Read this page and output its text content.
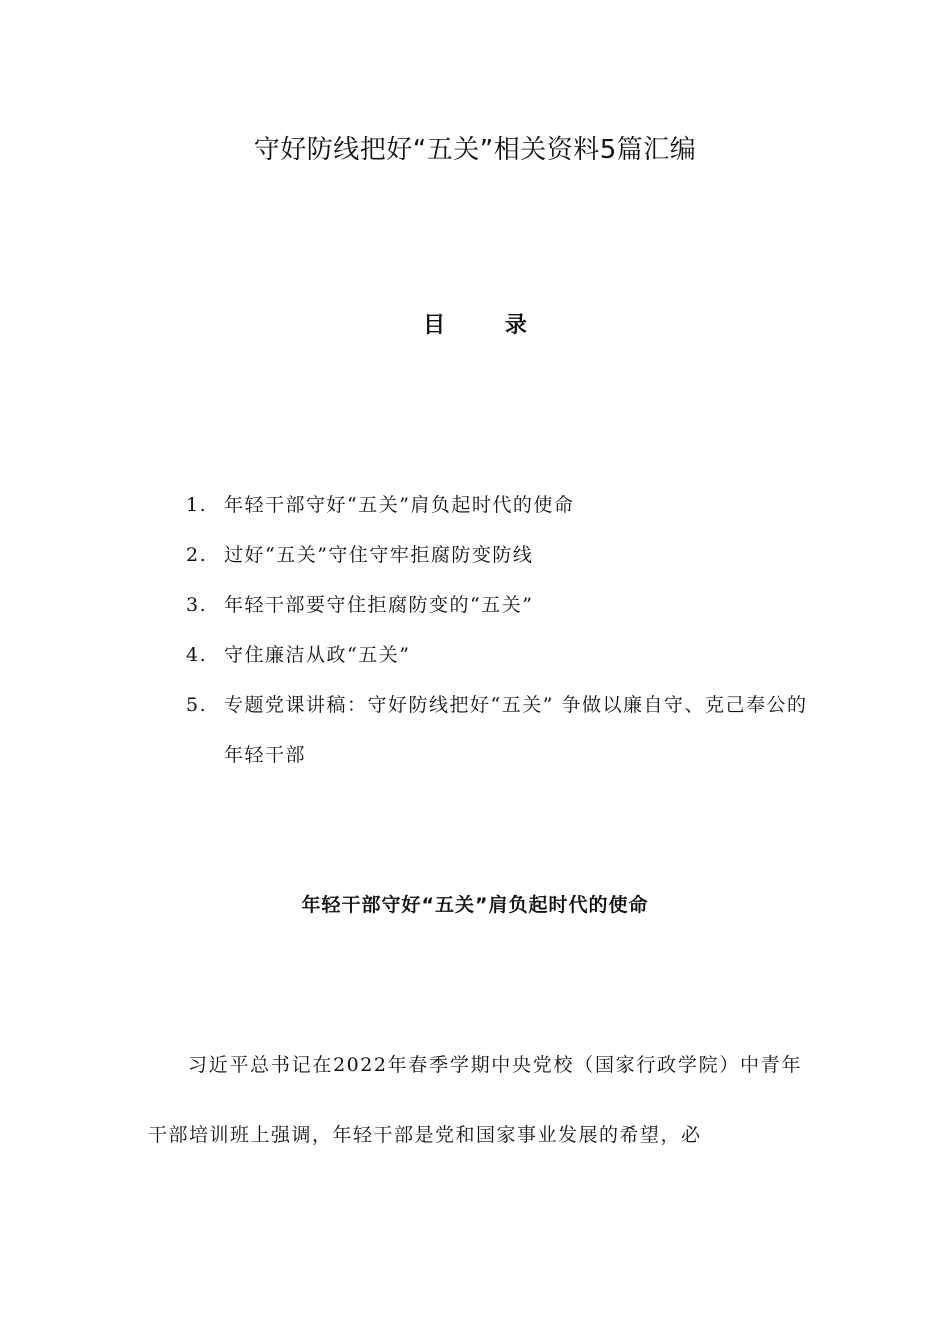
守好防线把好“五关”相关资料5篇汇编
目 录
1. 年轻干部守好“五关”肩负起时代的使命
2. 过好“五关”守住守牢拒腐防变防线
3. 年轻干部要守住拒腐防变的“五关”
4. 守住廉洁从政“五关”
5. 专题党课讲稿：守好防线把好“五关” 争做以廉自守、克己奉公的年轻干部
年轻干部守好“五关”肩负起时代的使命

习近平总书记在2022年春季学期中央党校（国家行政学院）中青年干部培训班上强调，年轻干部是党和国家事业发展的希望，必
